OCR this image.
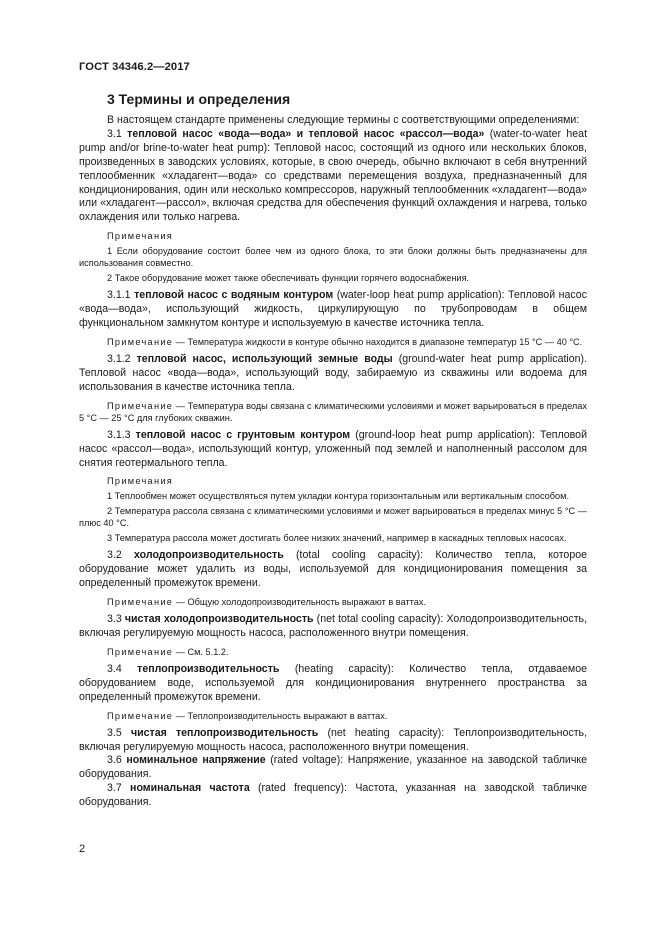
ГОСТ 34346.2—2017
3 Термины и определения

В настоящем стандарте применены следующие термины с соответствующими определениями:

3.1 тепловой насос «вода—вода» и тепловой насос «рассол—вода» (water-to-water heat pump and/or brine-to-water heat pump): Тепловой насос, состоящий из одного или нескольких блоков, произведенных в заводских условиях, которые, в свою очередь, обычно включают в себя внутренний теплообменник «хладагент—вода» со средствами перемещения воздуха, предназначенный для кондиционирования, один или несколько компрессоров, наружный теплообменник «хладагент—вода» или «хладагент—рассол», включая средства для обеспечения функций охлаждения и нагрева, только охлаждения или только нагрева.

Примечания

1 Если оборудование состоит более чем из одного блока, то эти блоки должны быть предназначены для использования совместно.

2 Такое оборудование может также обеспечивать функции горячего водоснабжения.

3.1.1 тепловой насос с водяным контуром (water-loop heat pump application): Тепловой насос «вода—вода», использующий жидкость, циркулирующую по трубопроводам в общем функциональном замкнутом контуре и используемую в качестве источника тепла.

Примечание — Температура жидкости в контуре обычно находится в диапазоне температур 15 °С — 40 °С.

3.1.2 тепловой насос, использующий земные воды (ground-water heat pump application). Тепловой насос «вода—вода», использующий воду, забираемую из скважины или водоема для использования в качестве источника тепла.

Примечание — Температура воды связана с климатическими условиями и может варьироваться в пределах 5 °С — 25 °С для глубоких скважин.

3.1.3 тепловой насос с грунтовым контуром (ground-loop heat pump application): Тепловой насос «рассол—вода», использующий контур, уложенный под землей и наполненный рассолом для снятия геотермального тепла.

Примечания

1 Теплообмен может осуществляться путем укладки контура горизонтальным или вертикальным способом.

2 Температура рассола связана с климатическими условиями и может варьироваться в пределах минус 5 °С — плюс 40 °С.

3 Температура рассола может достигать более низких значений, например в каскадных тепловых насосах.

3.2 холодопроизводительность (total cooling capacity): Количество тепла, которое оборудование может удалить из воды, используемой для кондиционирования помещения за определенный промежуток времени.

Примечание — Общую холодопроизводительность выражают в ваттах.

3.3 чистая холодопроизводительность (net total cooling capacity): Холодопроизводительность, включая регулируемую мощность насоса, расположенного внутри помещения.

Примечание — См. 5.1.2.

3.4 теплопроизводительность (heating capacity): Количество тепла, отдаваемое оборудованием воде, используемой для кондиционирования внутреннего пространства за определенный промежуток времени.

Примечание — Теплопроизводительность выражают в ваттах.

3.5 чистая теплопроизводительность (net heating capacity): Теплопроизводительность, включая регулируемую мощность насоса, расположенного внутри помещения.

3.6 номинальное напряжение (rated voltage): Напряжение, указанное на заводской табличке оборудования.

3.7 номинальная частота (rated frequency): Частота, указанная на заводской табличке оборудования.

2
